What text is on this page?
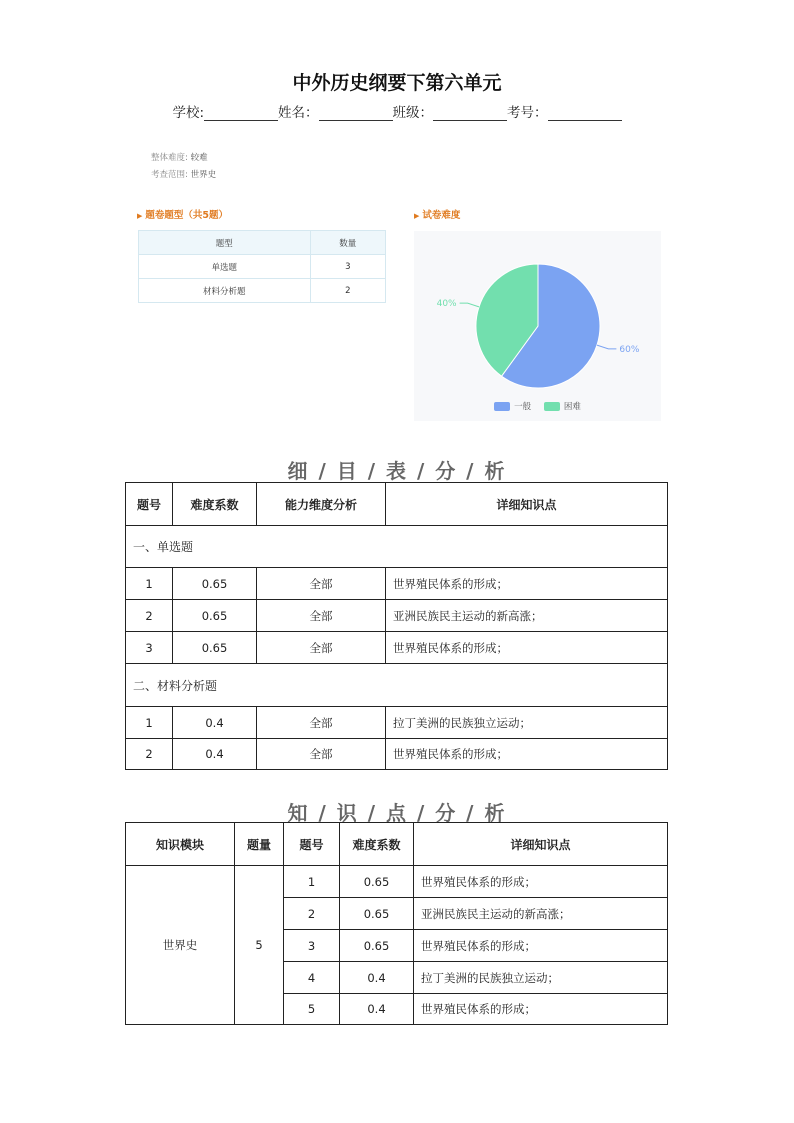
中外历史纲要下第六单元
学校:	姓名：	班级：	考号：
整体难度: 较难
考查范围: 世界史
▶ 题卷题型（共5题）
题型	数量
单选题	3
材料分析题	2
▶ 试卷难度
60%
40%
一般	困难
细 / 目 / 表 / 分 / 析
题号	难度系数	能力维度分析	详细知识点
一、单选题			
1	0.65	全部	世界殖民体系的形成；
2	0.65	全部	亚洲民族民主运动的新高涨；
3	0.65	全部	世界殖民体系的形成；
二、材料分析题			
1	0.4	全部	拉丁美洲的民族独立运动；
2	0.4	全部	世界殖民体系的形成；
知 / 识 / 点 / 分 / 析
知识模块	题量	题号	难度系数	详细知识点
世界史	5	1	0.65	世界殖民体系的形成；
		2	0.65	亚洲民族民主运动的新高涨；
		3	0.65	世界殖民体系的形成；
		4	0.4	拉丁美洲的民族独立运动；
		5	0.4	世界殖民体系的形成；
